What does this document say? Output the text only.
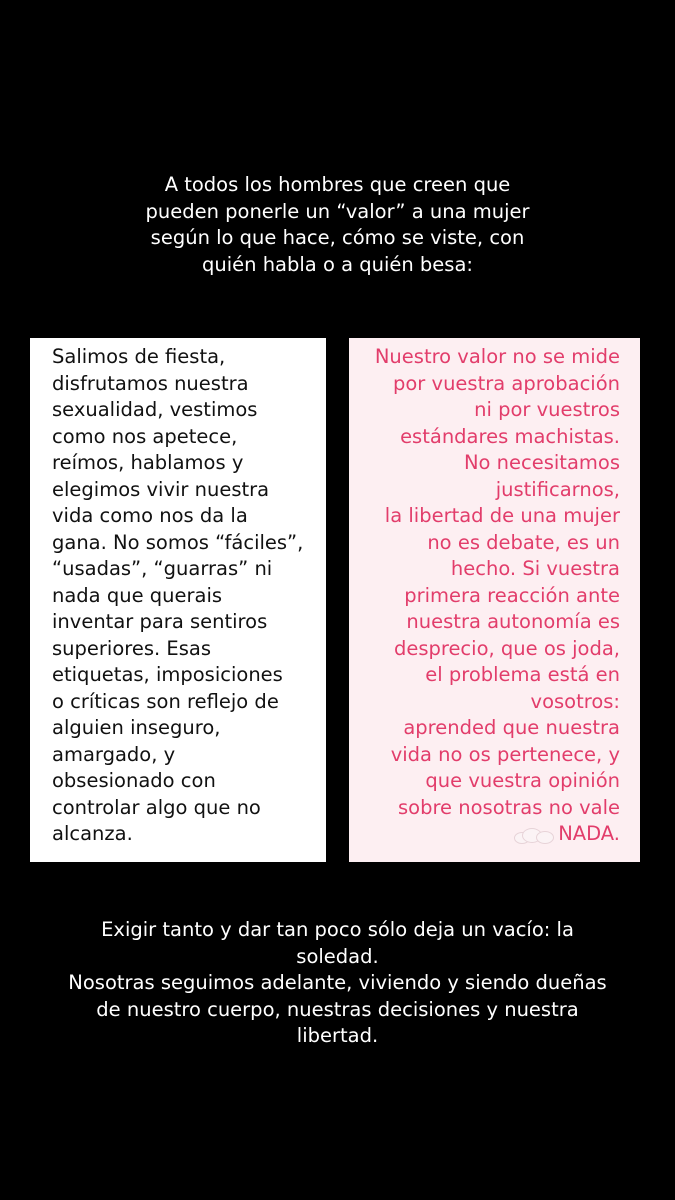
A todos los hombres que creen que
pueden ponerle un “valor” a una mujer
según lo que hace, cómo se viste, con
quién habla o a quién besa:
Salimos de fiesta,
disfrutamos nuestra
sexualidad, vestimos
como nos apetece,
reímos, hablamos y
elegimos vivir nuestra
vida como nos da la
gana. No somos “fáciles”,
“usadas”, “guarras” ni
nada que querais
inventar para sentiros
superiores. Esas
etiquetas, imposiciones
o críticas son reflejo de
alguien inseguro,
amargado, y
obsesionado con
controlar algo que no
alcanza.
Nuestro valor no se mide
por vuestra aprobación
ni por vuestros
estándares machistas.
No necesitamos
justificarnos,
la libertad de una mujer
no es debate, es un
hecho. Si vuestra
primera reacción ante
nuestra autonomía es
desprecio, que os joda,
el problema está en
vosotros:
aprended que nuestra
vida no os pertenece, y
que vuestra opinión
sobre nosotras no vale
NADA.
Exigir tanto y dar tan poco sólo deja un vacío: la
soledad.
Nosotras seguimos adelante, viviendo y siendo dueñas
de nuestro cuerpo, nuestras decisiones y nuestra
libertad.
